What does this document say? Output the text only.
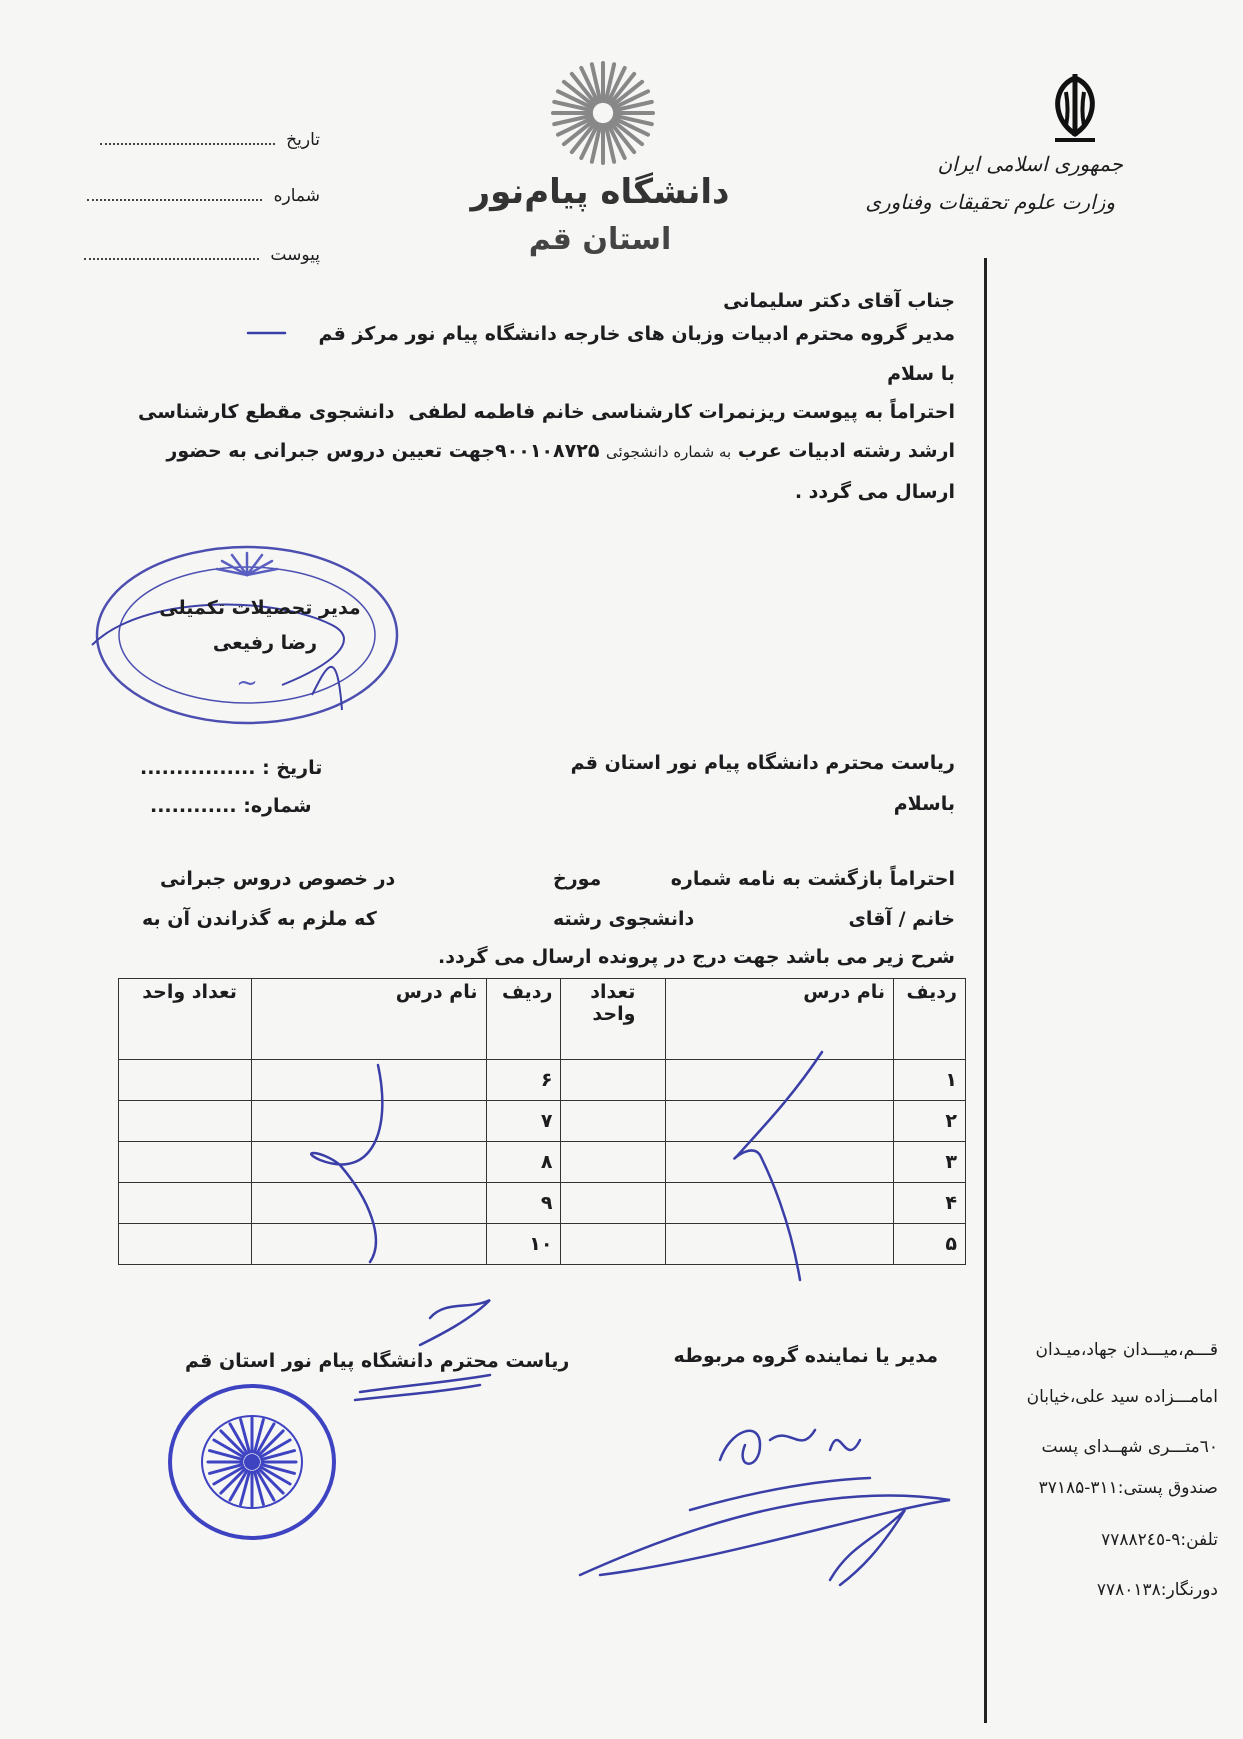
جمهوری اسلامی ایران
وزارت علوم تحقیقات وفناوری
دانشگاه پیام‌نور
استان قم
تاریخ
شماره
پیوست
جناب آقای دکتر سلیمانی
مدیر گروه محترم ادبیات وزبان های خارجه دانشگاه پیام نور مرکز قم
با سلام
احتراماً به پیوست ریزنمرات کارشناسی خانم فاطمه لطفی
دانشجوی مقطع کارشناسی
ارشد رشته ادبیات عرب به شماره دانشجوئی ۹۰۰۱۰۸۷۲۵جهت تعیین دروس جبرانی به حضور
ارسال می گردد .
~
مدیر تحصیلات تکمیلی
رضا رفیعی
ریاست محترم دانشگاه پیام نور استان قم
باسلام
تاریخ : ................
شماره: ............
احتراماً بازگشت به نامه شماره
مورخ
در خصوص دروس جبرانی
خانم / آقای
دانشجوی رشته
که ملزم به گذراندن آن به
شرح زیر می باشد جهت درج در پرونده ارسال می گردد.
ردیف	نام درس	تعداد واحد	ردیف	نام درس	تعداد واحد
۱			۶		
۲			۷		
۳			۸		
۴			۹		
۵			۱۰		
مدیر یا نماینده گروه مربوطه
ریاست محترم دانشگاه پیام نور استان قم	قـــم،میـــدان جهاد،میـدان
امامـــزاده سید علی،خیابان
٦٠متـــری شهــدای پست
صندوق پستی:۳۱۱-۳۷۱۸۵
تلفن:۹-۷۷۸۸۲٤٥
دورنگار:۷۷۸۰۱۳۸
